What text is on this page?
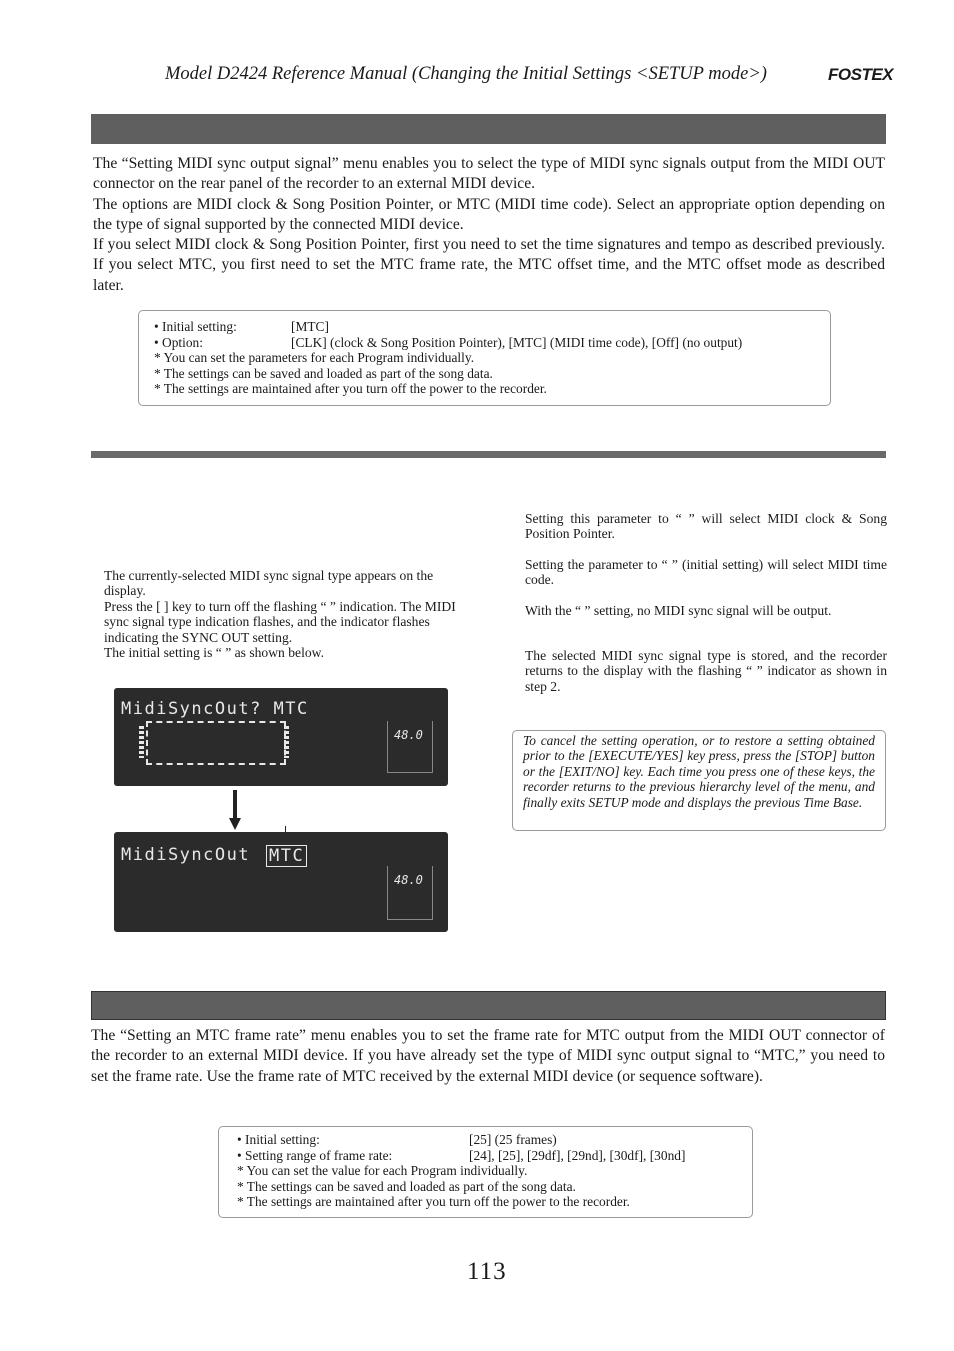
Model D2424 Reference Manual (Changing the Initial Settings <SETUP mode>)	FOSTEX

The “Setting MIDI sync output signal” menu enables you to select the type of MIDI sync signals output from the MIDI OUT connector on the rear panel of the recorder to an external MIDI device.

The options are MIDI clock & Song Position Pointer, or MTC (MIDI time code). Select an appropriate option depending on the type of signal supported by the connected MIDI device.

If you select MIDI clock & Song Position Pointer, first you need to set the time signatures and tempo as described previously. If you select MTC, you first need to set the MTC frame rate, the MTC offset time, and the MTC offset mode as described later.

• Initial setting:	[MTC]
• Option:	[CLK] (clock & Song Position Pointer), [MTC] (MIDI time code), [Off] (no output)
* You can set the parameters for each Program individually.
* The settings can be saved and loaded as part of the song data.
* The settings are maintained after you turn off the power to the recorder.
The currently-selected MIDI sync signal type appears on the display.
Press the [ ] key to turn off the flashing “ ” indication. The MIDI sync signal type indication flashes, and the indicator flashes indicating the SYNC OUT setting.
The initial setting is “ ” as shown below.
MidiSyncOut? MTC
48.0
MidiSyncOut MTC
48.0
Setting this parameter to “ ” will select MIDI clock & Song Position Pointer.
Setting the parameter to “ ” (initial setting) will select MIDI time code.
With the “ ” setting, no MIDI sync signal will be output.
The selected MIDI sync signal type is stored, and the recorder returns to the display with the flashing “ ” indicator as shown in step 2.
To cancel the setting operation, or to restore a setting obtained prior to the [EXECUTE/YES] key press, press the [STOP] button or the [EXIT/NO] key. Each time you press one of these keys, the recorder returns to the previous hierarchy level of the menu, and finally exits SETUP mode and displays the previous Time Base.
The “Setting an MTC frame rate” menu enables you to set the frame rate for MTC output from the MIDI OUT connector of the recorder to an external MIDI device. If you have already set the type of MIDI sync output signal to “MTC,” you need to set the frame rate. Use the frame rate of MTC received by the external MIDI device (or sequence software).
• Initial setting:	[25] (25 frames)
• Setting range of frame rate:	[24], [25], [29df], [29nd], [30df], [30nd]
* You can set the value for each Program individually.
* The settings can be saved and loaded as part of the song data.
* The settings are maintained after you turn off the power to the recorder.
113
